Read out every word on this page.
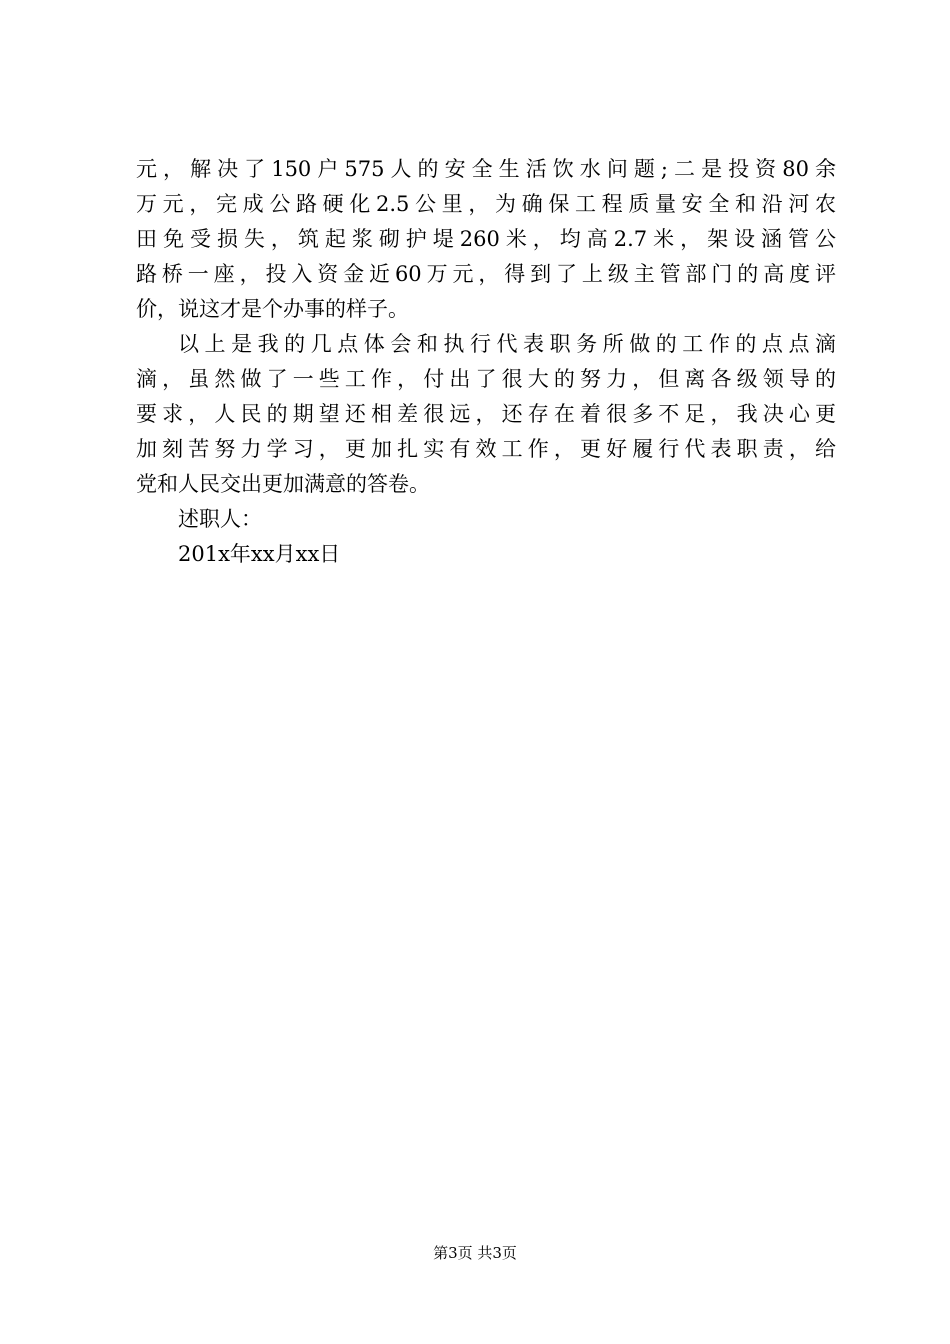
元，解决了150户575人的安全生活饮水问题;二是投资80余
万元，完成公路硬化2.5公里，为确保工程质量安全和沿河农
田免受损失，筑起浆砌护堤260米，均高2.7米，架设涵管公
路桥一座，投入资金近60万元，得到了上级主管部门的高度评
价，说这才是个办事的样子。
以上是我的几点体会和执行代表职务所做的工作的点点滴
滴，虽然做了一些工作，付出了很大的努力，但离各级领导的
要求，人民的期望还相差很远，还存在着很多不足，我决心更
加刻苦努力学习，更加扎实有效工作，更好履行代表职责，给
党和人民交出更加满意的答卷。
述职人：
201x年xx月xx日
第3页 共3页
